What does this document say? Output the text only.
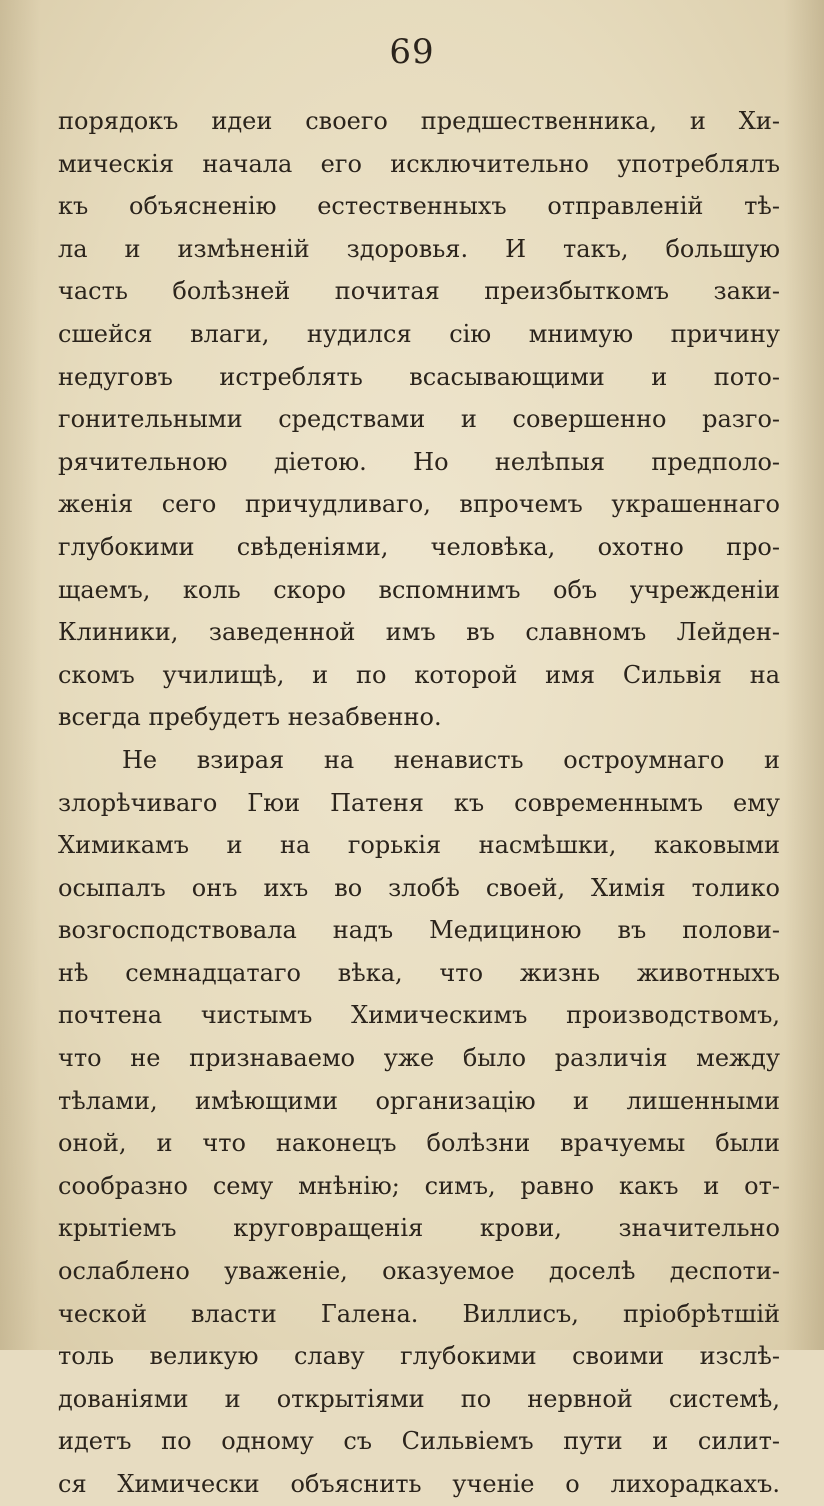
69
порядокъ идеи своего предшественника, и Хи-
мическія начала его исключительно употреблялъ
къ объясненію естественныхъ отправленій тѣ-
ла и измѣненій здоровья. И такъ, большую
часть болѣзней почитая преизбыткомъ заки-
сшейся влаги, нудился сію мнимую причину
недуговъ истреблять всасывающими и пото-
гонительными средствами и совершенно разго-
рячительною діетою. Но нелѣпыя предполо-
женія сего причудливаго, впрочемъ украшеннаго
глубокими свѣденіями, человѣка, охотно про-
щаемъ, коль скоро вспомнимъ объ учрежденіи
Клиники, заведенной имъ въ славномъ Лейден-
скомъ училищѣ, и по которой имя Сильвія на
всегда пребудетъ незабвенно.
Не взирая на ненависть остроумнаго и
злорѣчиваго Гюи Патеня къ современнымъ ему
Химикамъ и на горькія насмѣшки, каковыми
осыпалъ онъ ихъ во злобѣ своей, Химія толико
возгосподствовала надъ Медициною въ полови-
нѣ семнадцатаго вѣка, что жизнь животныхъ
почтена чистымъ Химическимъ производствомъ,
что не признаваемо уже было различія между
тѣлами, имѣющими организацію и лишенными
оной, и что наконецъ болѣзни врачуемы были
сообразно сему мнѣнію; симъ, равно какъ и от-
крытіемъ круговращенія крови, значительно
ослаблено уваженіе, оказуемое доселѣ деспоти-
ческой власти Галена. Виллисъ, пріобрѣтшій
толь великую славу глубокими своими изслѣ-
дованіями и открытіями по нервной системѣ,
идетъ по одному съ Сильвіемъ пути и силит-
ся Химически объяснить ученіе о лихорадкахъ.
